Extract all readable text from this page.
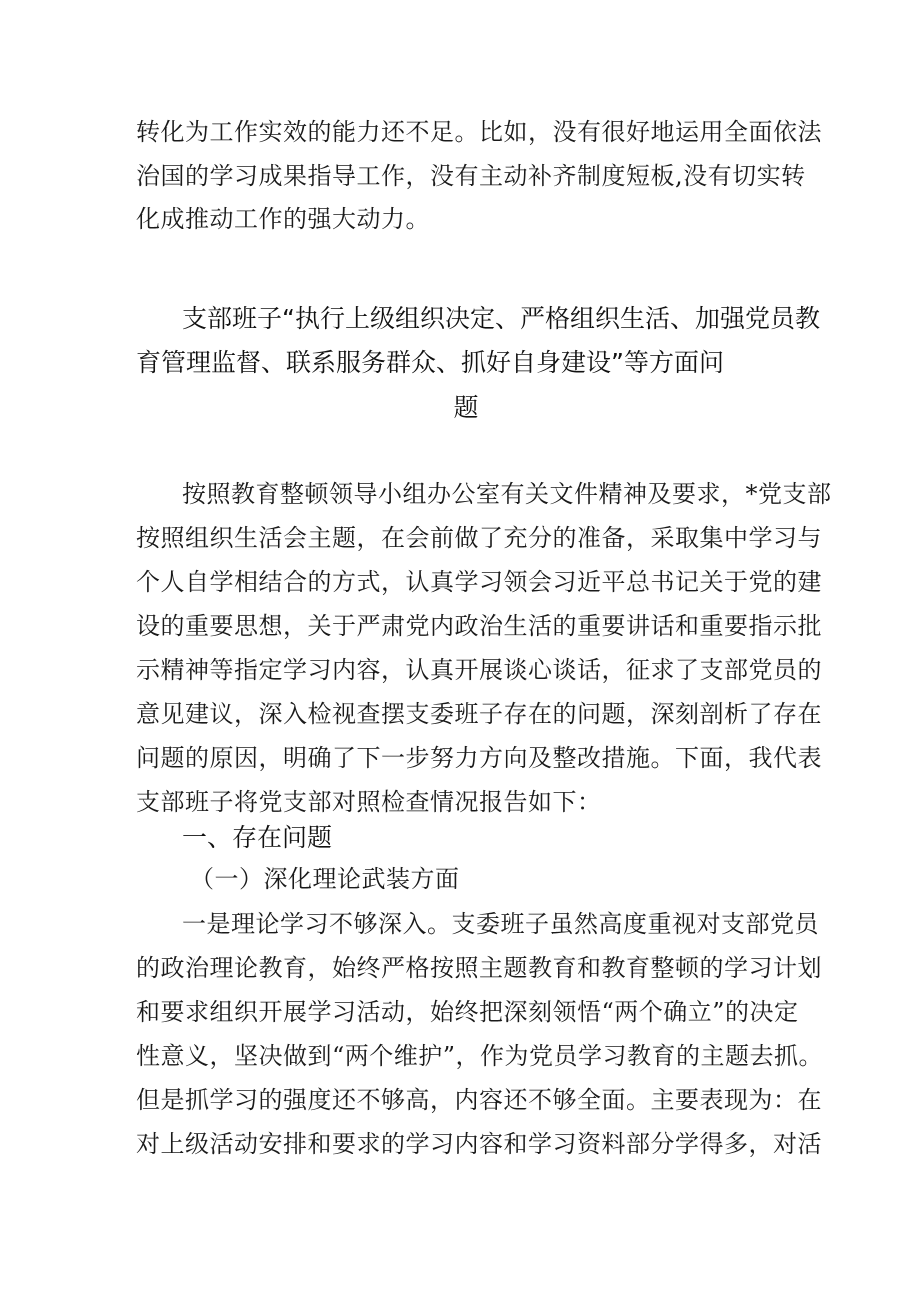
转化为工作实效的能力还不足。比如，没有很好地运用全面依法
治国的学习成果指导工作，没有主动补齐制度短板,没有切实转
化成推动工作的强大动力。
支部班子“执行上级组织决定、严格组织生活、加强党员教
育管理监督、联系服务群众、抓好自身建设”等方面问
题
按照教育整顿领导小组办公室有关文件精神及要求，*党支部
按照组织生活会主题，在会前做了充分的准备，采取集中学习与
个人自学相结合的方式，认真学习领会习近平总书记关于党的建
设的重要思想，关于严肃党内政治生活的重要讲话和重要指示批
示精神等指定学习内容，认真开展谈心谈话，征求了支部党员的
意见建议，深入检视查摆支委班子存在的问题，深刻剖析了存在
问题的原因，明确了下一步努力方向及整改措施。下面，我代表
支部班子将党支部对照检查情况报告如下：
一、存在问题
（一）深化理论武装方面
一是理论学习不够深入。支委班子虽然高度重视对支部党员
的政治理论教育，始终严格按照主题教育和教育整顿的学习计划
和要求组织开展学习活动，始终把深刻领悟“两个确立”的决定
性意义，坚决做到“两个维护”，作为党员学习教育的主题去抓。
但是抓学习的强度还不够高，内容还不够全面。主要表现为：在
对上级活动安排和要求的学习内容和学习资料部分学得多，对活
